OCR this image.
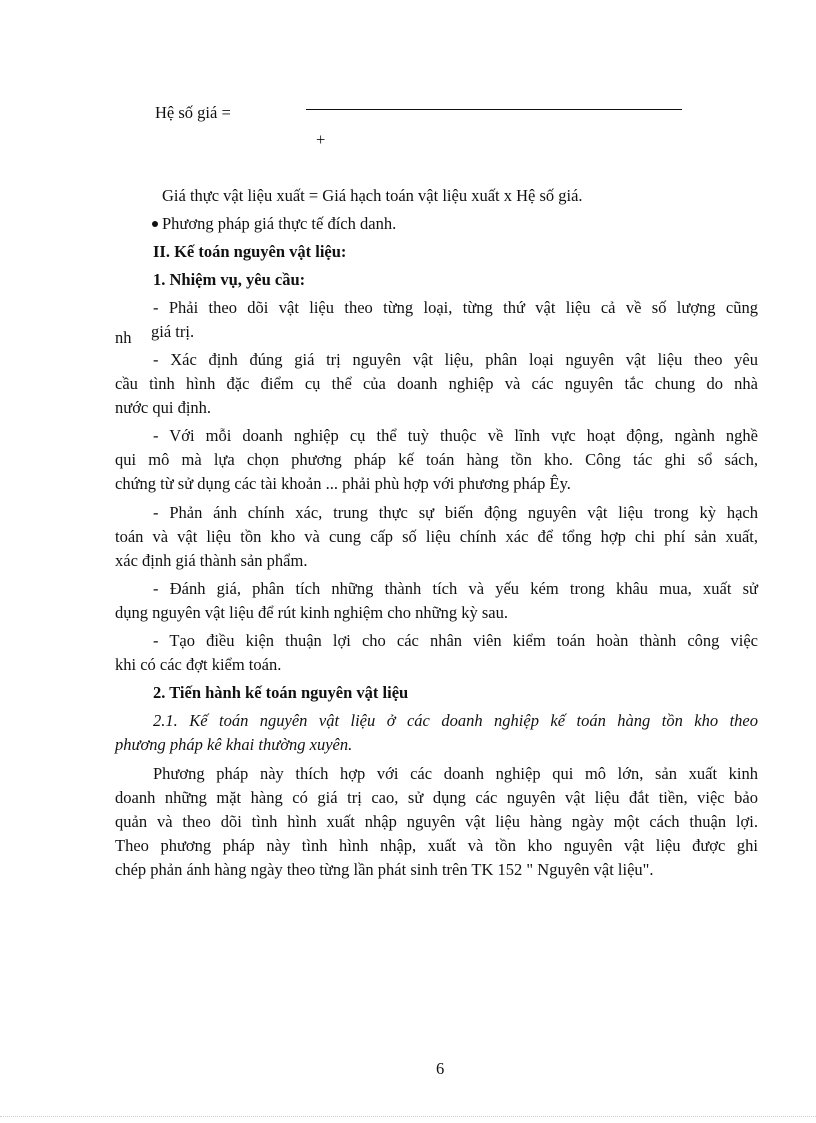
Hệ số giá =
+
Giá thực vật liệu xuất = Giá hạch toán vật liệu xuất x Hệ số giá.
Phương pháp giá thực tế đích danh.
II. Kế toán nguyên vật liệu:
1. Nhiệm vụ, yêu cầu:
- Phải theo dõi vật liệu theo từng loại, từng thứ vật liệu cả về số lượng cũng
nh giá trị.
- Xác định đúng giá trị nguyên vật liệu, phân loại nguyên vật liệu theo yêu
cầu tình hình đặc điểm cụ thể của doanh nghiệp và các nguyên tắc chung do nhà
nước qui định.
- Với mỗi doanh nghiệp cụ thể tuỳ thuộc về lĩnh vực hoạt động, ngành nghề
qui mô mà lựa chọn phương pháp kế toán hàng tồn kho. Công tác ghi sổ sách,
chứng từ sử dụng các tài khoản ... phải phù hợp với phương pháp Êy.
- Phản ánh chính xác, trung thực sự biến động nguyên vật liệu trong kỳ hạch
toán và vật liệu tồn kho và cung cấp số liệu chính xác để tổng hợp chi phí sản xuất,
xác định giá thành sản phẩm.
- Đánh giá, phân tích những thành tích và yếu kém trong khâu mua, xuất sử
dụng nguyên vật liệu để rút kinh nghiệm cho những kỳ sau.
- Tạo điều kiện thuận lợi cho các nhân viên kiểm toán hoàn thành công việc
khi có các đợt kiểm toán.
2. Tiến hành kế toán nguyên vật liệu
2.1. Kế toán nguyên vật liệu ở các doanh nghiệp kế toán hàng tồn kho theo
phương pháp kê khai thường xuyên.
Phương pháp này thích hợp với các doanh nghiệp qui mô lớn, sản xuất kinh
doanh những mặt hàng có giá trị cao, sử dụng các nguyên vật liệu đắt tiền, việc bảo
quản và theo dõi tình hình xuất nhập nguyên vật liệu hàng ngày một cách thuận lợi.
Theo phương pháp này tình hình nhập, xuất và tồn kho nguyên vật liệu được ghi
chép phản ánh hàng ngày theo từng lần phát sinh trên TK 152 " Nguyên vật liệu".
6
